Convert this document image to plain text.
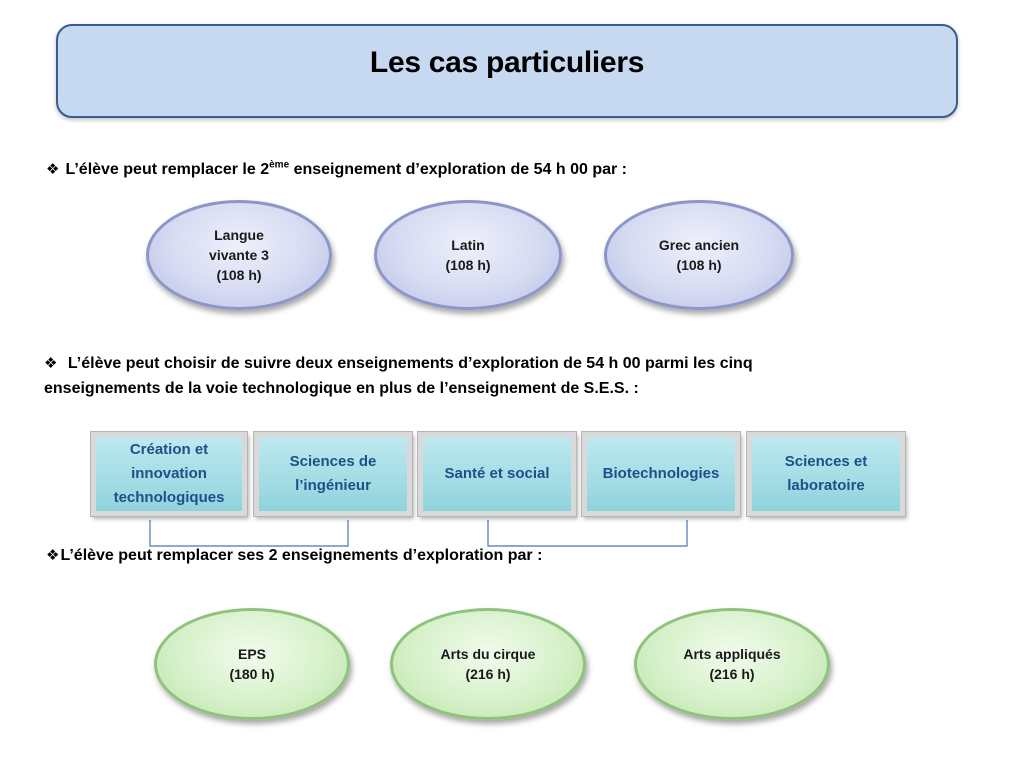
Les cas particuliers
❖ L’élève peut remplacer le 2ème enseignement d’exploration de 54 h 00 par :
Langue
vivante 3
(108 h)
Latin
(108 h)
Grec ancien
(108 h)
❖ L’élève peut choisir de suivre deux enseignements d’exploration de 54 h 00 parmi les cinq
enseignements de la voie technologique en plus de l’enseignement de S.E.S. :
Création et
innovation
technologiques
Sciences de
l’ingénieur
Santé et social	Biotechnologies
Sciences et
laboratoire
❖L’élève peut remplacer ses 2 enseignements d’exploration par :
EPS
(180 h)
Arts du cirque
(216 h)
Arts appliqués
(216 h)
